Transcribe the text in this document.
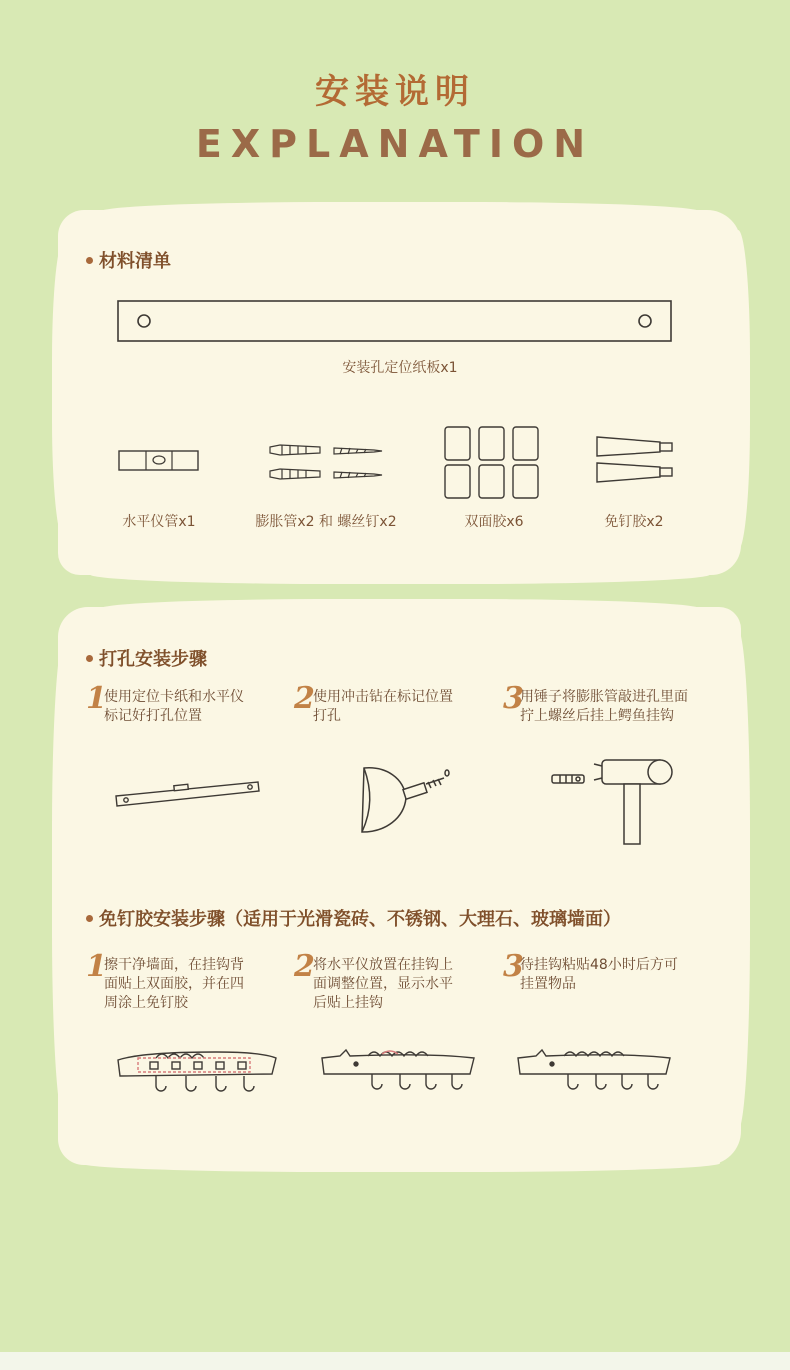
安装说明
EXPLANATION
材料清单
安装孔定位纸板x1
水平仪管x1	膨胀管x2 和 螺丝钉x2	双面胶x6	免钉胶x2
打孔安装步骤
1
使用定位卡纸和水平仪
标记好打孔位置	2
使用冲击钻在标记位置
打孔	3
用锤子将膨胀管敲进孔里面
拧上螺丝后挂上鳄鱼挂钩
免钉胶安装步骤（适用于光滑瓷砖、不锈钢、大理石、玻璃墙面）
1
擦干净墙面，在挂钩背
面贴上双面胶，并在四
周涂上免钉胶
2
将水平仪放置在挂钩上
面调整位置，显示水平
后贴上挂钩
3
待挂钩粘贴48小时后方可
挂置物品
